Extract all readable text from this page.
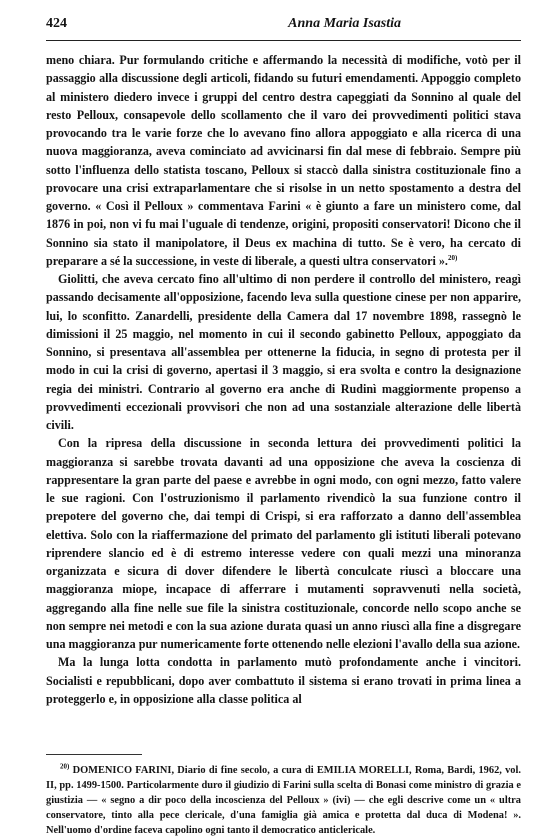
424	Anna Maria Isastia

meno chiara. Pur formulando critiche e affermando la necessità di modifiche, votò per il passaggio alla discussione degli articoli, fidando su futuri emendamenti. Appoggio completo al ministero diedero invece i gruppi del centro destra capeggiati da Sonnino al quale del resto Pelloux, consapevole dello scollamento che il varo dei provvedimenti politici stava provocando tra le varie forze che lo avevano fino allora appoggiato e alla ricerca di una nuova maggioranza, aveva cominciato ad avvicinarsi fin dal mese di febbraio. Sempre più sotto l'influenza dello statista toscano, Pelloux si staccò dalla sinistra costituzionale fino a provocare una crisi extraparlamentare che si risolse in un netto spostamento a destra del governo. « Così il Pelloux » commentava Farini « è giunto a fare un ministero come, dal 1876 in poi, non vi fu mai l'uguale di tendenze, origini, propositi conservatori! Dicono che il Sonnino sia stato il manipolatore, il Deus ex machina di tutto. Se è vero, ha cercato di preparare a sé la successione, in veste di liberale, a questi ultra conservatori ».$^{20)}$

Giolitti, che aveva cercato fino all'ultimo di non perdere il controllo del ministero, reagì passando decisamente all'opposizione, facendo leva sulla questione cinese per non apparire, lui, lo sconfitto. Zanardelli, presidente della Camera dal 17 novembre 1898, rassegnò le dimissioni il 25 maggio, nel momento in cui il secondo gabinetto Pelloux, appoggiato da Sonnino, si presentava all'assemblea per ottenerne la fiducia, in segno di protesta per il modo in cui la crisi di governo, apertasi il 3 maggio, si era svolta e contro la designazione regia dei ministri. Contrario al governo era anche di Rudinì maggiormente propenso a provvedimenti eccezionali provvisori che non ad una sostanziale alterazione delle libertà civili.

Con la ripresa della discussione in seconda lettura dei provvedimenti politici la maggioranza si sarebbe trovata davanti ad una opposizione che aveva la coscienza di rappresentare la gran parte del paese e avrebbe in ogni modo, con ogni mezzo, fatto valere le sue ragioni. Con l'ostruzionismo il parlamento rivendicò la sua funzione contro il prepotere del governo che, dai tempi di Crispi, si era rafforzato a danno dell'assemblea elettiva. Solo con la riaffermazione del primato del parlamento gli istituti liberali potevano riprendere slancio ed è di estremo interesse vedere con quali mezzi una minoranza organizzata e sicura di dover difendere le libertà conculcate riuscì a bloccare una maggioranza miope, incapace di afferrare i mutamenti sopravvenuti nella società, aggregando alla fine nelle sue file la sinistra costituzionale, concorde nello scopo anche se non sempre nei metodi e con la sua azione durata quasi un anno riuscì alla fine a disgregare una maggioranza pur numericamente forte ottenendo nelle elezioni l'avallo della sua azione.

Ma la lunga lotta condotta in parlamento mutò profondamente anche i vincitori. Socialisti e repubblicani, dopo aver combattuto il sistema si erano trovati in prima linea a proteggerlo e, in opposizione alla classe politica al

$^{20)}$ DOMENICO FARINI, Diario di fine secolo, a cura di EMILIA MORELLI, Roma, Bardi, 1962, vol. II, pp. 1499-1500. Particolarmente duro il giudizio di Farini sulla scelta di Bonasi come ministro di grazia e giustizia — « segno a dir poco della incoscienza del Pelloux » (ivi) — che egli descrive come un « ultra conservatore, tinto alla pece clericale, d'una famiglia già amica e protetta dal duca di Modena! ». Nell'uomo d'ordine faceva capolino ogni tanto il democratico anticlericale.
